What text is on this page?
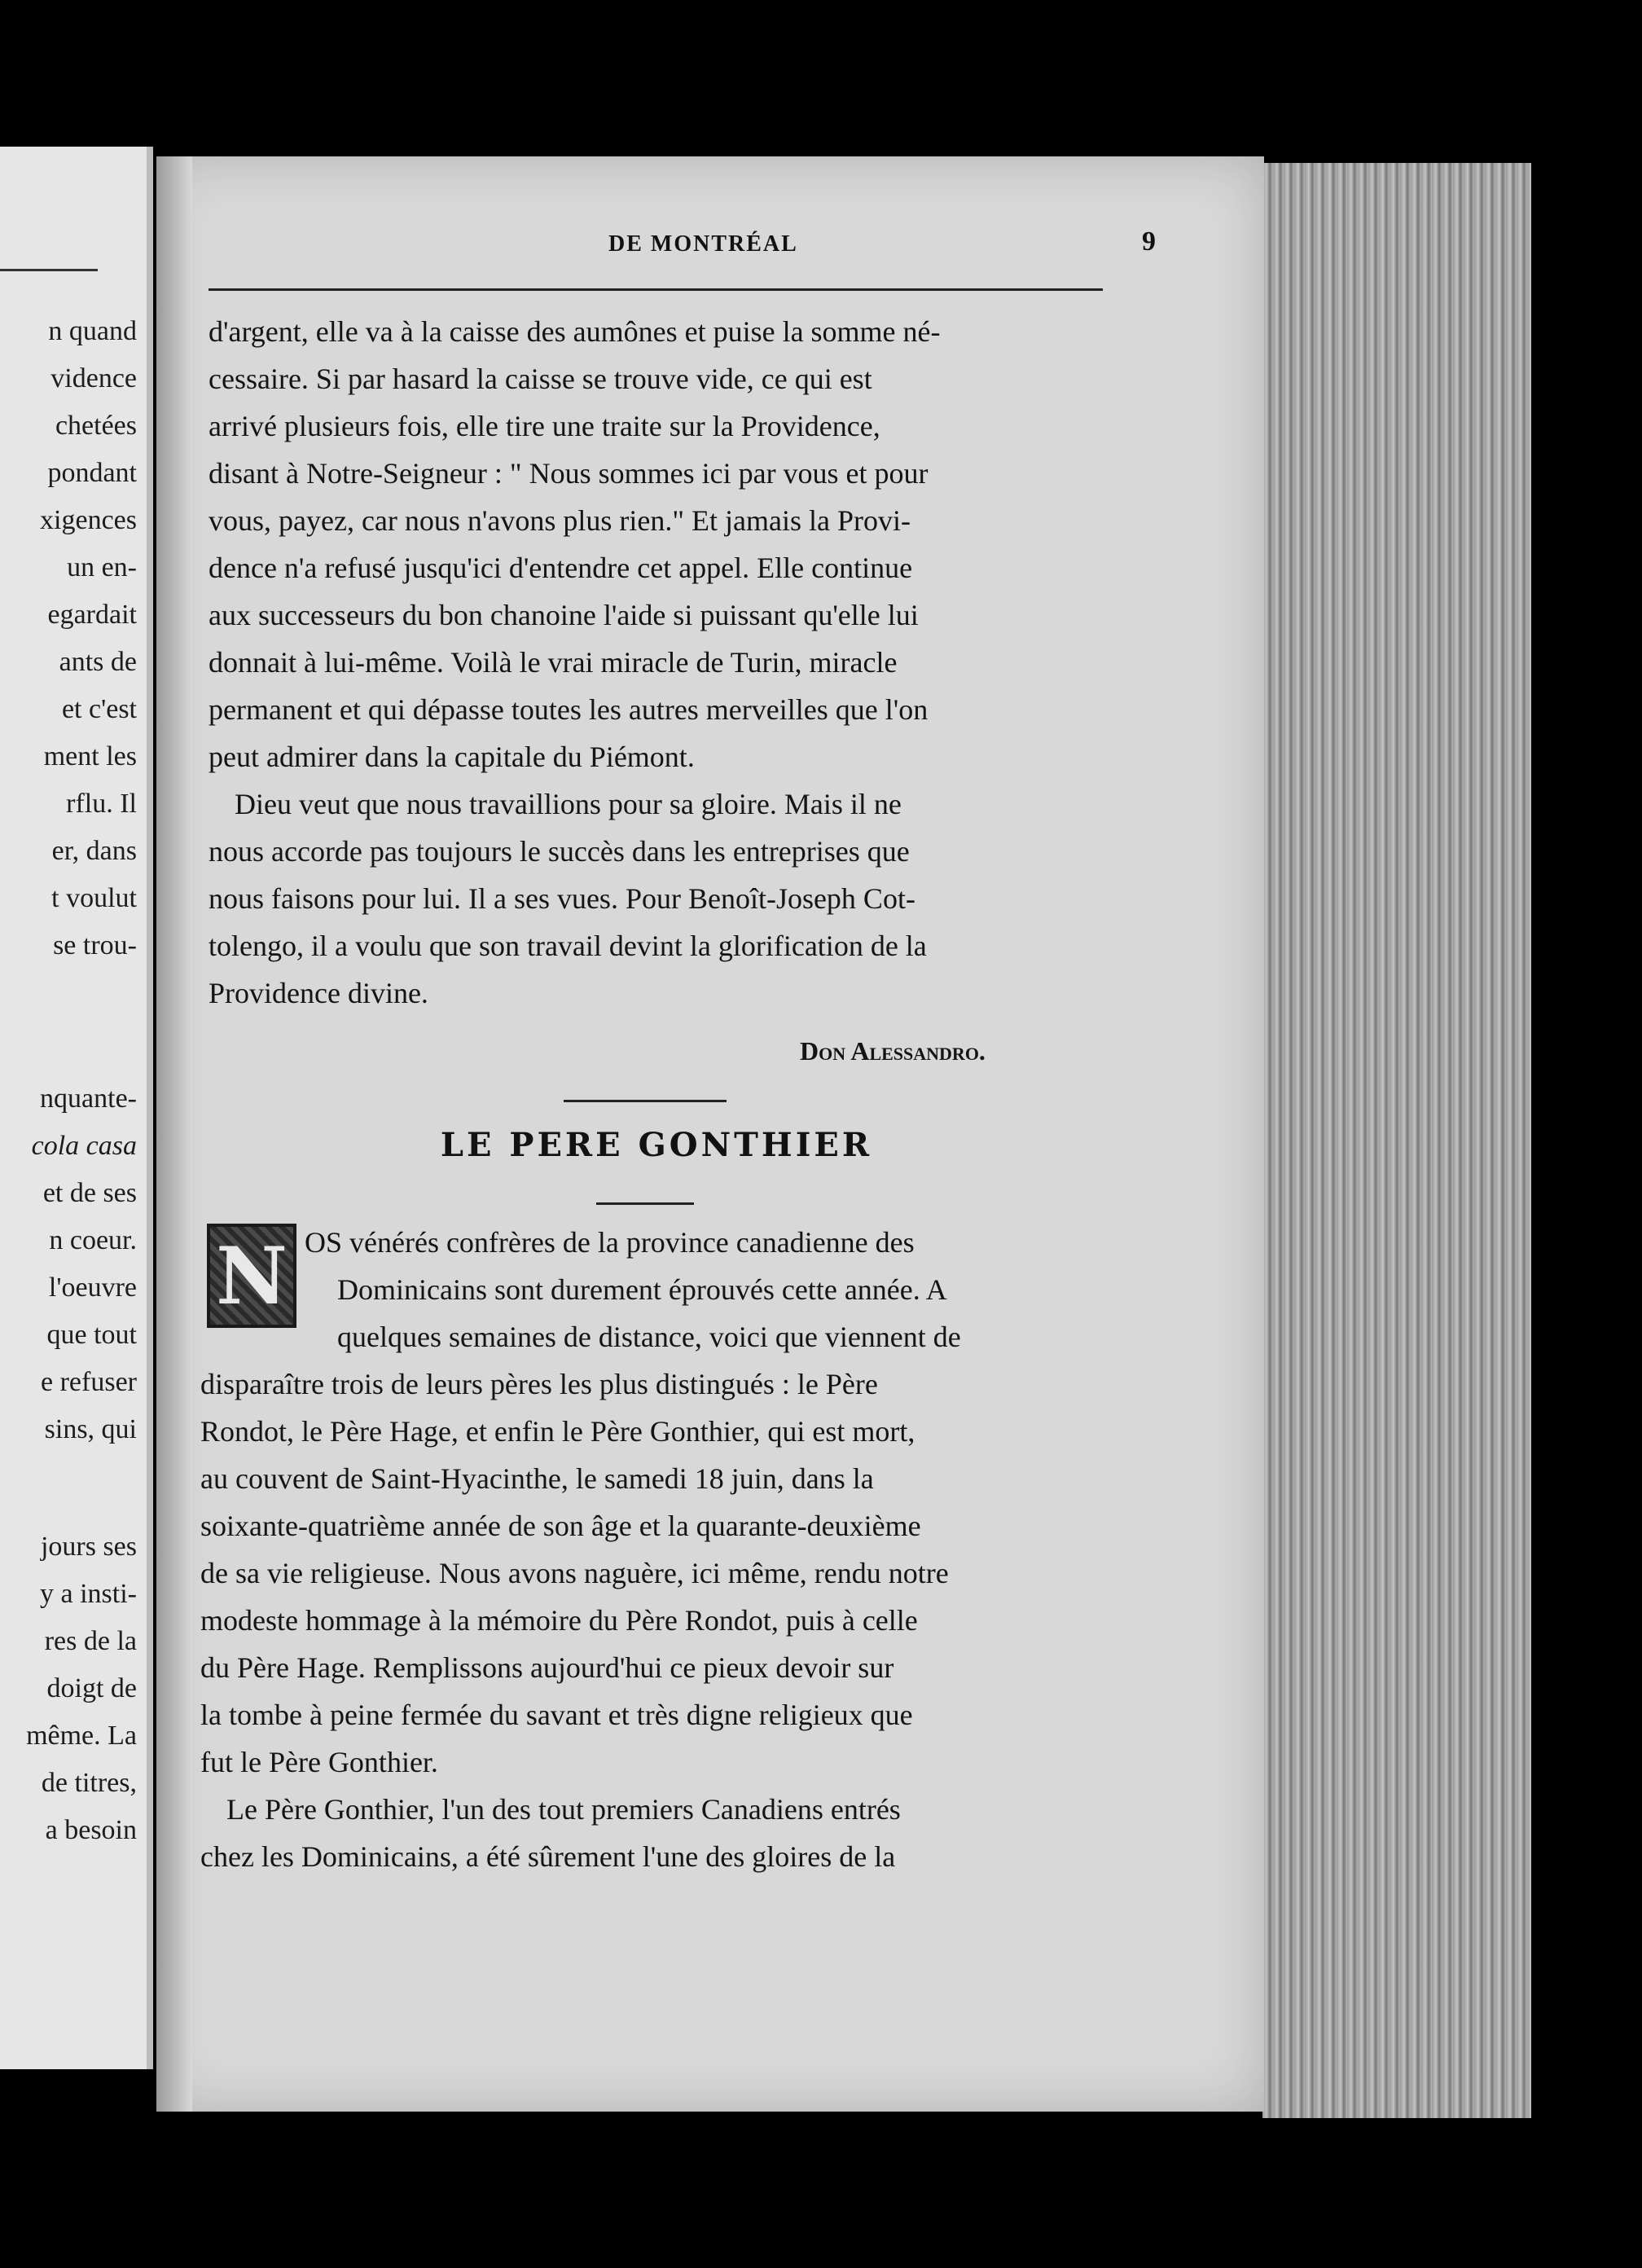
n quand
vidence
chetées
pondant
xigences
un en-
egardait
ants de
et c'est
ment les
rflu. Il
er, dans
t voulut
se trou-
nquante-
cola casa
et de ses
n coeur.
l'oeuvre
que tout
e refuser
sins, qui
jours ses
y a insti-
res de la
doigt de
même. La
de titres,
a besoin
DE MONTRÉAL	9
d'argent, elle va à la caisse des aumônes et puise la somme né-
cessaire. Si par hasard la caisse se trouve vide, ce qui est
arrivé plusieurs fois, elle tire une traite sur la Providence,
disant à Notre-Seigneur : " Nous sommes ici par vous et pour
vous, payez, car nous n'avons plus rien." Et jamais la Provi-
dence n'a refusé jusqu'ici d'entendre cet appel. Elle continue
aux successeurs du bon chanoine l'aide si puissant qu'elle lui
donnait à lui-même. Voilà le vrai miracle de Turin, miracle
permanent et qui dépasse toutes les autres merveilles que l'on
peut admirer dans la capitale du Piémont.
Dieu veut que nous travaillions pour sa gloire. Mais il ne
nous accorde pas toujours le succès dans les entreprises que
nous faisons pour lui. Il a ses vues. Pour Benoît-Joseph Cot-
tolengo, il a voulu que son travail devint la glorification de la
Providence divine.
Don Alessandro.
LE PERE GONTHIER
N OS vénérés confrères de la province canadienne des
Dominicains sont durement éprouvés cette année. A
quelques semaines de distance, voici que viennent de
disparaître trois de leurs pères les plus distingués : le Père
Rondot, le Père Hage, et enfin le Père Gonthier, qui est mort,
au couvent de Saint-Hyacinthe, le samedi 18 juin, dans la
soixante-quatrième année de son âge et la quarante-deuxième
de sa vie religieuse. Nous avons naguère, ici même, rendu notre
modeste hommage à la mémoire du Père Rondot, puis à celle
du Père Hage. Remplissons aujourd'hui ce pieux devoir sur
la tombe à peine fermée du savant et très digne religieux que
fut le Père Gonthier.
Le Père Gonthier, l'un des tout premiers Canadiens entrés
chez les Dominicains, a été sûrement l'une des gloires de la
